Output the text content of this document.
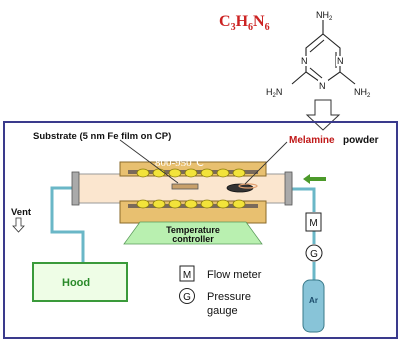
$C_3H_6N_6$
N	N
N
$NH_2$
$H_2N$	$NH_2$
Substrate (5 nm Fe film on CP)
800-950℃
Melamine powder
Vent
Hood
Temperature
controller
M
G
M
G
Flow meter
Pressure
gauge
Ar
